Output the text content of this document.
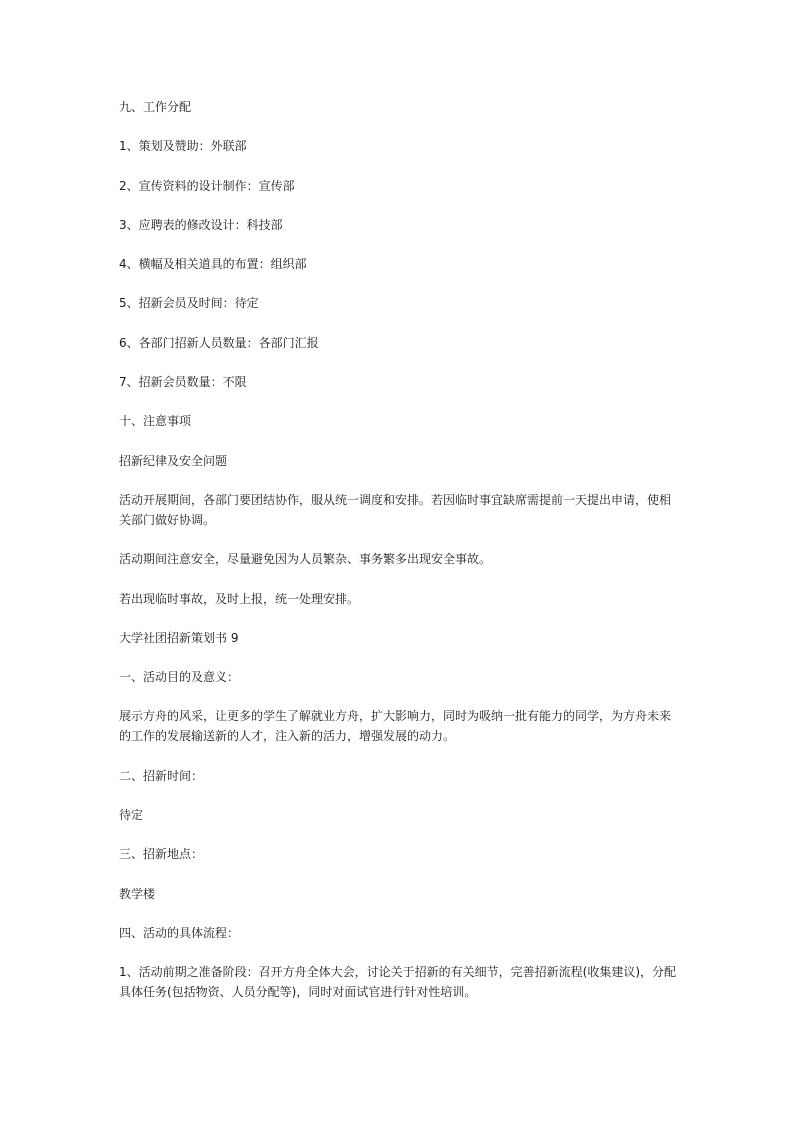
九、工作分配

1、策划及赞助：外联部

2、宣传资料的设计制作：宣传部

3、应聘表的修改设计：科技部

4、横幅及相关道具的布置：组织部

5、招新会员及时间：待定

6、各部门招新人员数量：各部门汇报

7、招新会员数量：不限

十、注意事项

招新纪律及安全问题

活动开展期间，各部门要团结协作，服从统一调度和安排。若因临时事宜缺席需提前一天提出申请，使相关部门做好协调。

活动期间注意安全，尽量避免因为人员繁杂、事务繁多出现安全事故。

若出现临时事故，及时上报，统一处理安排。

大学社团招新策划书 9

一、活动目的及意义：

展示方舟的风采，让更多的学生了解就业方舟，扩大影响力，同时为吸纳一批有能力的同学，为方舟未来的工作的发展输送新的人才，注入新的活力，增强发展的动力。

二、招新时间：

待定

三、招新地点：

教学楼

四、活动的具体流程：

1、活动前期之准备阶段：召开方舟全体大会，讨论关于招新的有关细节，完善招新流程(收集建议)，分配具体任务(包括物资、人员分配等)，同时对面试官进行针对性培训。
